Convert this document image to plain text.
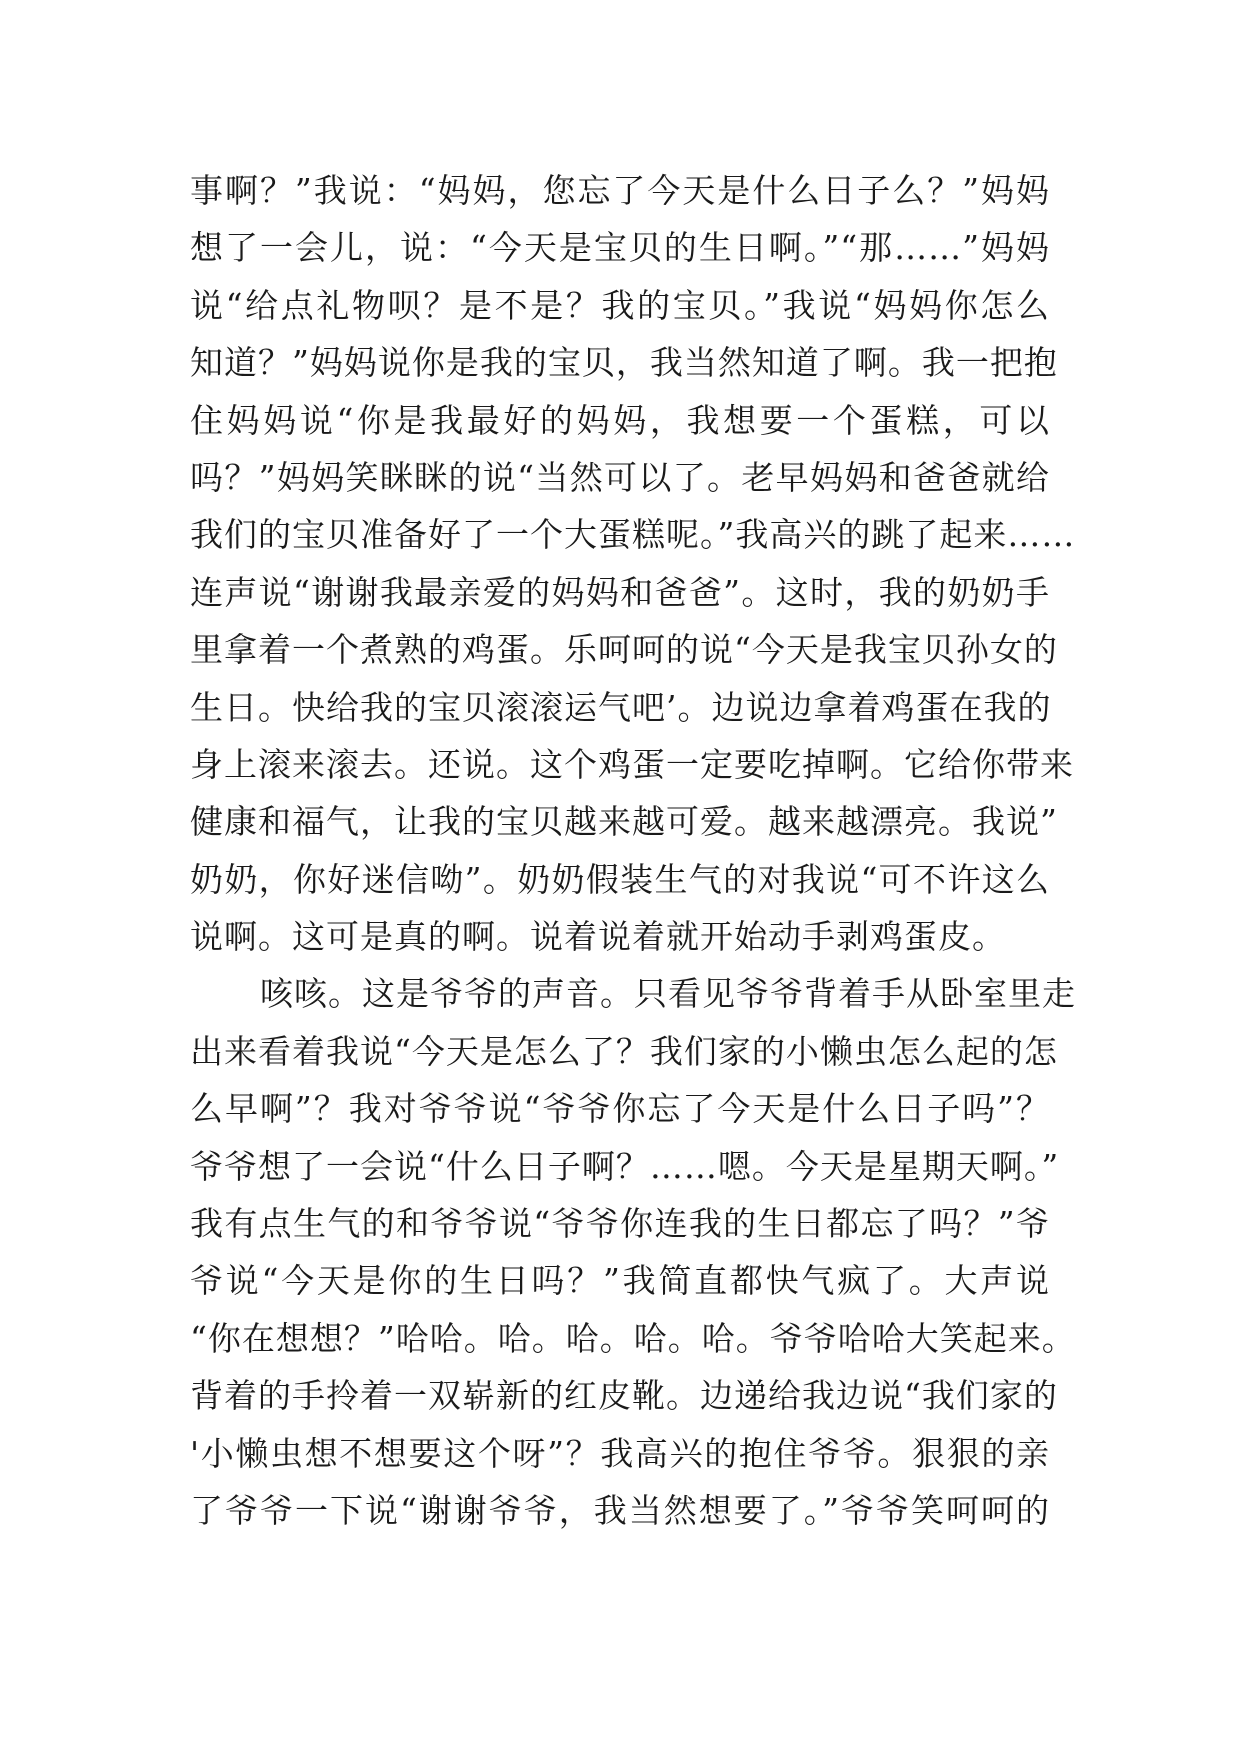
事啊？”我说：“妈妈，您忘了今天是什么日子么？”妈妈
想了一会儿，说：“今天是宝贝的生日啊。”“那……”妈妈
说“给点礼物呗？是不是？我的宝贝。”我说“妈妈你怎么
知道？”妈妈说你是我的宝贝，我当然知道了啊。我一把抱
住妈妈说“你是我最好的妈妈，我想要一个蛋糕，可以
吗？”妈妈笑眯眯的说“当然可以了。老早妈妈和爸爸就给
我们的宝贝准备好了一个大蛋糕呢。”我高兴的跳了起来……
连声说“谢谢我最亲爱的妈妈和爸爸”。这时，我的奶奶手
里拿着一个煮熟的鸡蛋。乐呵呵的说“今天是我宝贝孙女的
生日。快给我的宝贝滚滚运气吧’。边说边拿着鸡蛋在我的
身上滚来滚去。还说。这个鸡蛋一定要吃掉啊。它给你带来
健康和福气，让我的宝贝越来越可爱。越来越漂亮。我说”
奶奶，你好迷信呦”。奶奶假装生气的对我说“可不许这么
说啊。这可是真的啊。说着说着就开始动手剥鸡蛋皮。
咳咳。这是爷爷的声音。只看见爷爷背着手从卧室里走
出来看着我说“今天是怎么了？我们家的小懒虫怎么起的怎
么早啊”？我对爷爷说“爷爷你忘了今天是什么日子吗”？
爷爷想了一会说“什么日子啊？……嗯。今天是星期天啊。”
我有点生气的和爷爷说“爷爷你连我的生日都忘了吗？”爷
爷说“今天是你的生日吗？”我简直都快气疯了。大声说
“你在想想？”哈哈。哈。哈。哈。哈。爷爷哈哈大笑起来。
背着的手拎着一双崭新的红皮靴。边递给我边说“我们家的
'小懒虫想不想要这个呀”？我高兴的抱住爷爷。狠狠的亲
了爷爷一下说“谢谢爷爷，我当然想要了。”爷爷笑呵呵的
